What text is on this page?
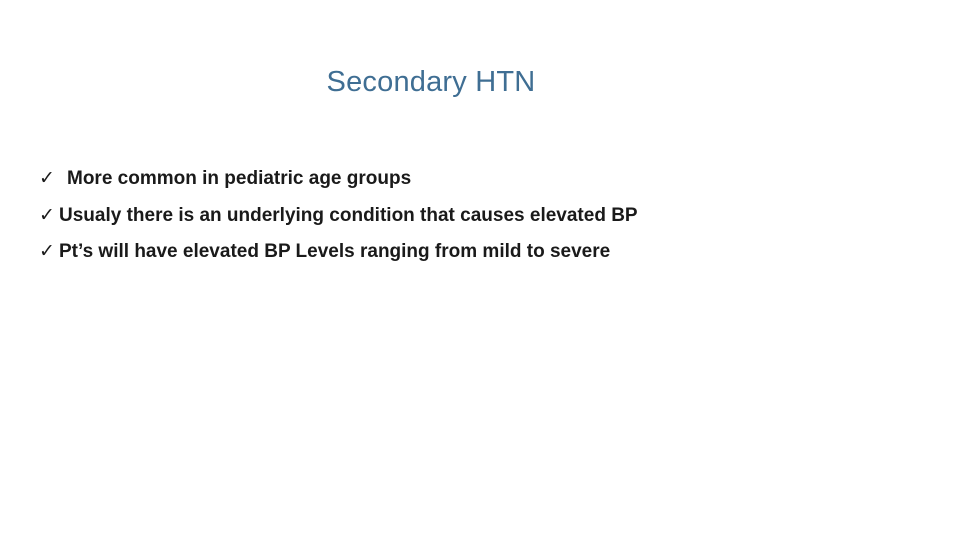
Secondary HTN
✓ More common in pediatric age groups
✓ Usualy there is an underlying condition that causes elevated BP
✓ Pt’s will have elevated BP Levels ranging from mild to severe
